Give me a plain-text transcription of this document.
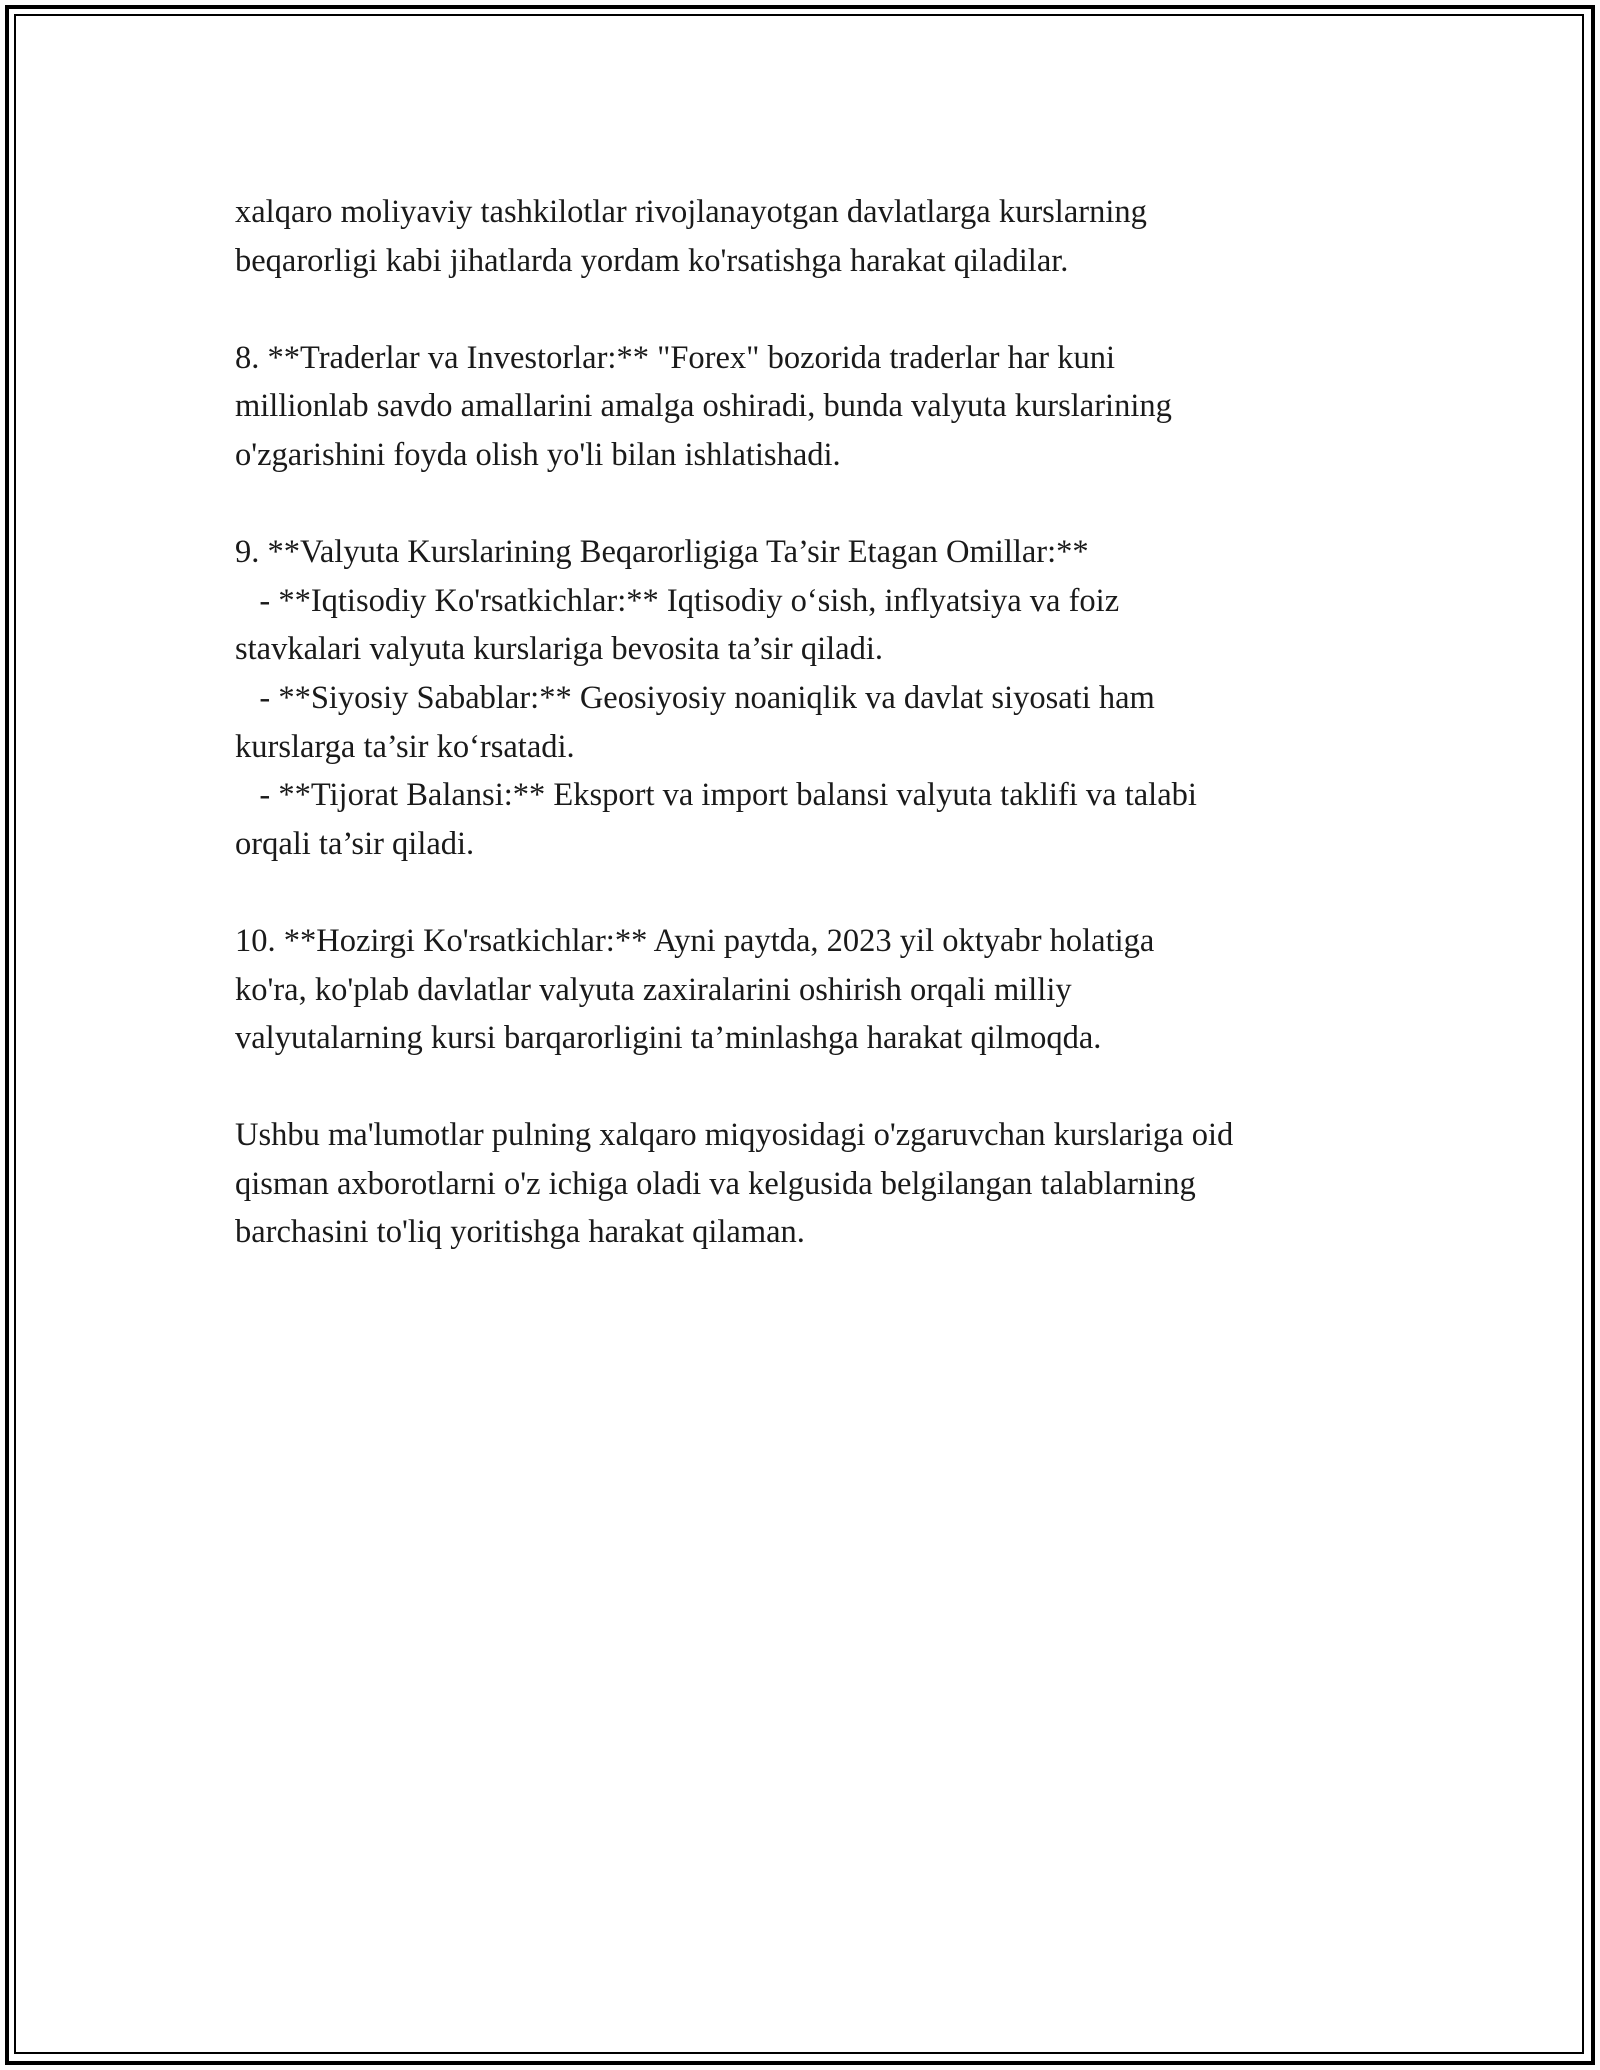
xalqaro moliyaviy tashkilotlar rivojlanayotgan davlatlarga kurslarning
beqarorligi kabi jihatlarda yordam ko'rsatishga harakat qiladilar.
8. **Traderlar va Investorlar:** "Forex" bozorida traderlar har kuni
millionlab savdo amallarini amalga oshiradi, bunda valyuta kurslarining
o'zgarishini foyda olish yo'li bilan ishlatishadi.
9. **Valyuta Kurslarining Beqarorligiga Ta’sir Etagan Omillar:**
- **Iqtisodiy Ko'rsatkichlar:** Iqtisodiy o‘sish, inflyatsiya va foiz
stavkalari valyuta kurslariga bevosita ta’sir qiladi.
- **Siyosiy Sabablar:** Geosiyosiy noaniqlik va davlat siyosati ham
kurslarga ta’sir ko‘rsatadi.
- **Tijorat Balansi:** Eksport va import balansi valyuta taklifi va talabi
orqali ta’sir qiladi.
10. **Hozirgi Ko'rsatkichlar:** Ayni paytda, 2023 yil oktyabr holatiga
ko'ra, ko'plab davlatlar valyuta zaxiralarini oshirish orqali milliy
valyutalarning kursi barqarorligini ta’minlashga harakat qilmoqda.
Ushbu ma'lumotlar pulning xalqaro miqyosidagi o'zgaruvchan kurslariga oid
qisman axborotlarni o'z ichiga oladi va kelgusida belgilangan talablarning
barchasini to'liq yoritishga harakat qilaman.
